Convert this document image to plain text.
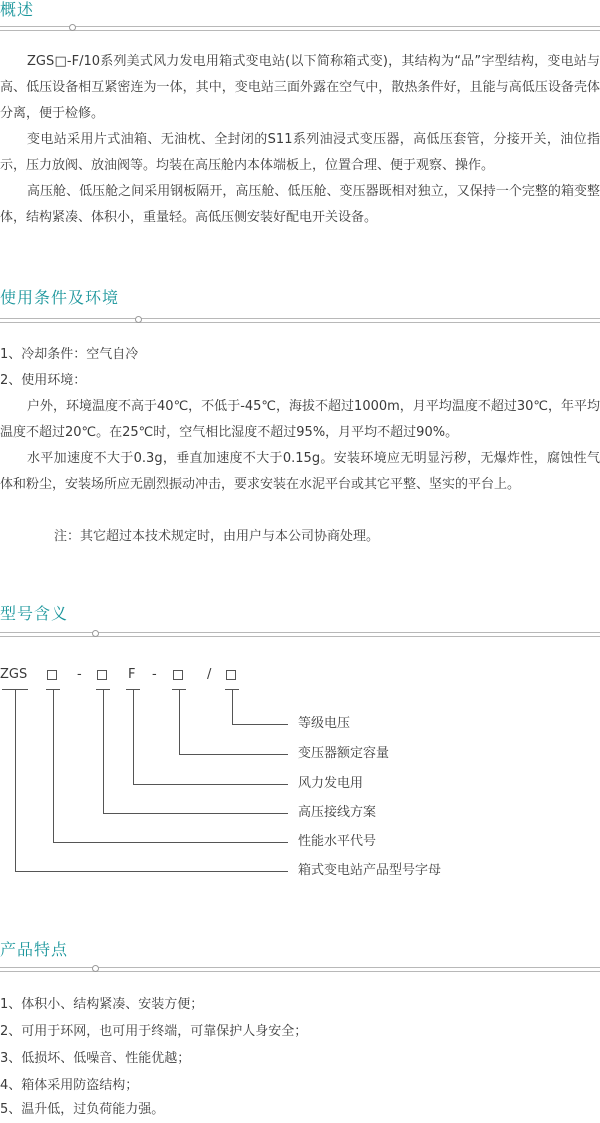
概述

ZGS□-F/10系列美式风力发电用箱式变电站(以下简称箱式变)，其结构为“品”字型结构，变电站与高、低压设备相互紧密连为一体，其中，变电站三面外露在空气中，散热条件好，且能与高低压设备壳体分离，便于检修。

变电站采用片式油箱、无油枕、全封闭的S11系列油浸式变压器，高低压套管，分接开关，油位指示，压力放阀、放油阀等。均装在高压舱内本体端板上，位置合理、便于观察、操作。

高压舱、低压舱之间采用钢板隔开，高压舱、低压舱、变压器既相对独立，又保持一个完整的箱变整体，结构紧凑、体积小，重量轻。高低压侧安装好配电开关设备。

使用条件及环境
1、冷却条件：空气自冷
2、使用环境：

户外，环境温度不高于40℃，不低于-45℃，海拔不超过1000m，月平均温度不超过30℃，年平均温度不超过20℃。在25℃时，空气相比湿度不超过95%，月平均不超过90%。

水平加速度不大于0.3g，垂直加速度不大于0.15g。安装环境应无明显污秽，无爆炸性，腐蚀性气体和粉尘，安装场所应无剧烈振动冲击，要求安装在水泥平台或其它平整、坚实的平台上。

注：其它超过本技术规定时，由用户与本公司协商处理。

型号含义
ZGS	-	F -	/
等级电压
变压器额定容量
风力发电用
高压接线方案
性能水平代号
箱式变电站产品型号字母
产品特点
1、体积小、结构紧凑、安装方便；
2、可用于环网，也可用于终端，可靠保护人身安全；
3、低损坏、低噪音、性能优越；
4、箱体采用防盗结构；
5、温升低，过负荷能力强。
